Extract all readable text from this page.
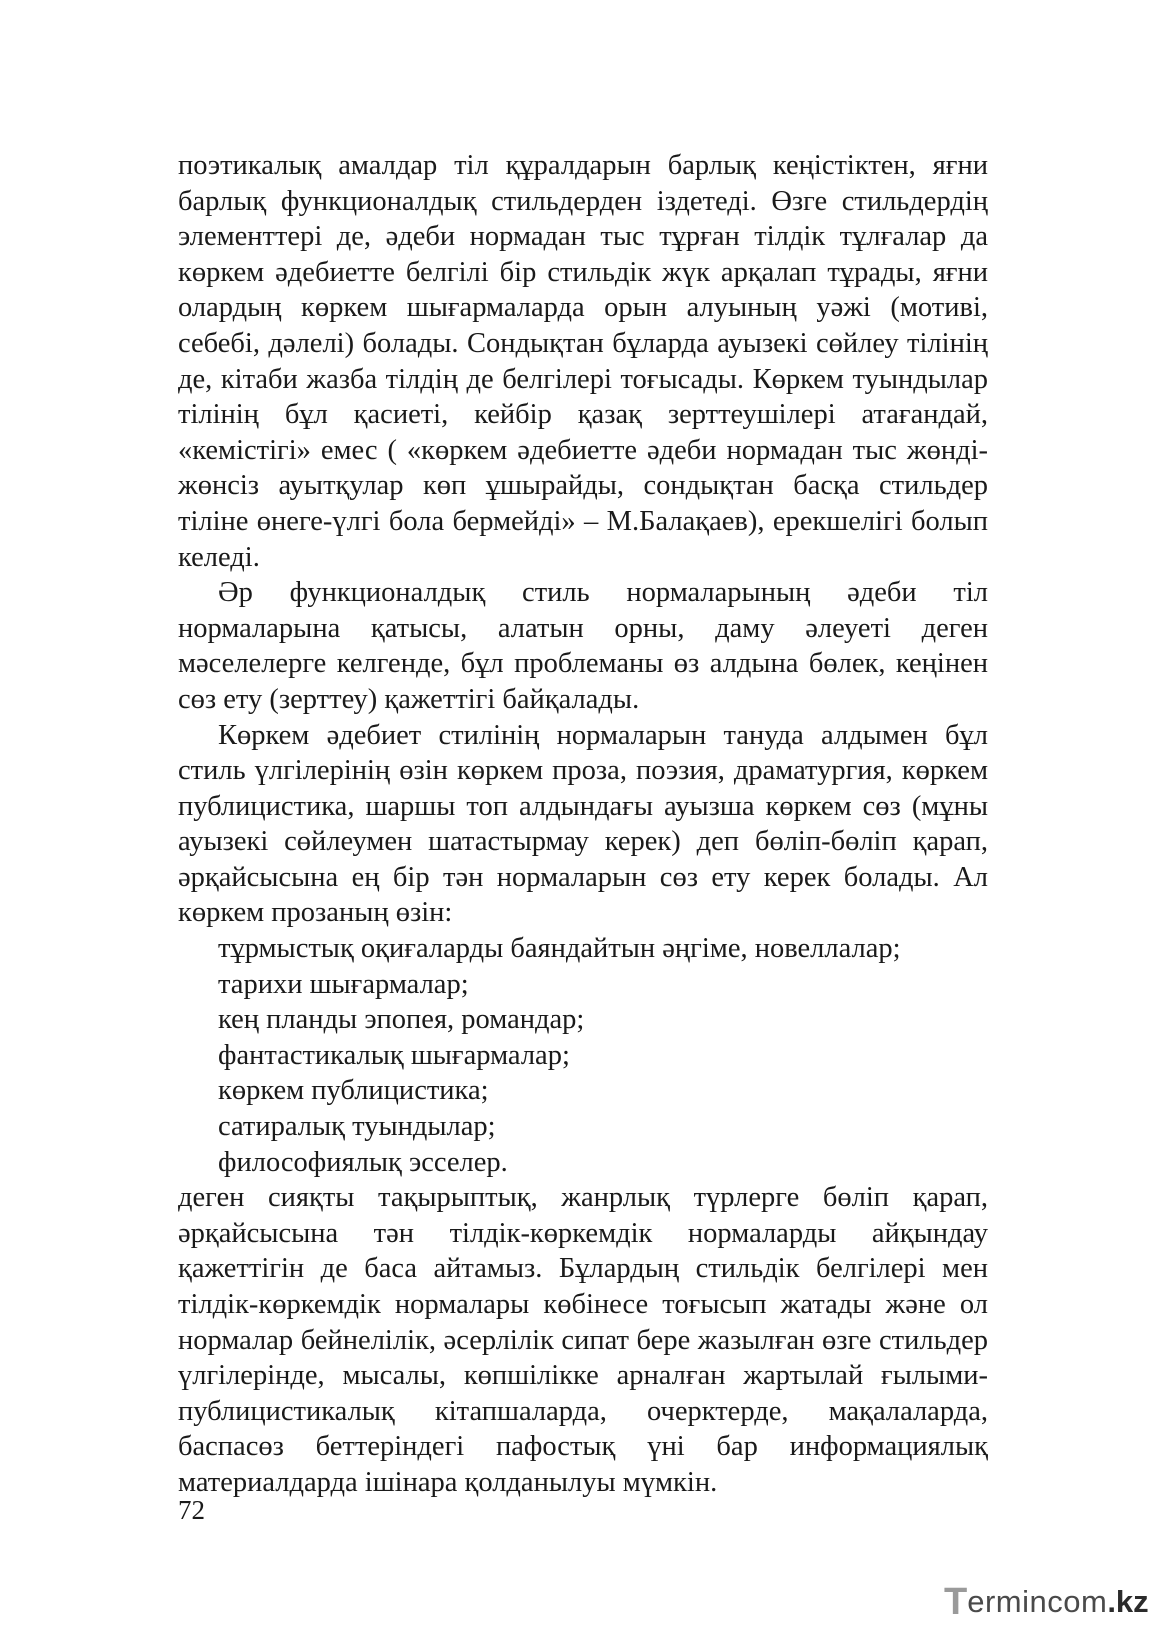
поэтикалық амалдар тіл құралдарын барлық кеңістіктен, яғни барлық функционалдық стильдерден іздетеді. Өзге стильдердің элементтері де, әдеби нормадан тыс тұрған тілдік тұлғалар да көркем әдебиетте белгілі бір стильдік жүк арқалап тұрады, яғни олардың көркем шығармаларда орын алуының уәжі (мотиві, себебі, дәлелі) болады. Сондықтан бұларда ауызекі сөйлеу тілінің де, кітаби жазба тілдің де белгілері тоғысады. Көркем туындылар тілінің бұл қасиеті, кейбір қазақ зерттеушілері атағандай, «кемістігі» емес ( «көркем әдебиетте әдеби нормадан тыс жөнді-жөнсіз ауытқулар көп ұшырайды, сондықтан басқа стильдер тіліне өнеге-үлгі бола бермейді» – М.Балақаев), ерекшелігі болып келеді.

Әр функционалдық стиль нормаларының әдеби тіл нормаларына қатысы, алатын орны, даму әлеуеті деген мәселелерге келгенде, бұл проблеманы өз алдына бөлек, кеңінен сөз ету (зерттеу) қажеттігі байқалады.

Көркем әдебиет стилінің нормаларын тануда алдымен бұл стиль үлгілерінің өзін көркем проза, поэзия, драматургия, көркем публицистика, шаршы топ алдындағы ауызша көркем сөз (мұны ауызекі сөйлеумен шатастырмау керек) деп бөліп-бөліп қарап, әрқайсысына ең бір тән нормаларын сөз ету керек болады. Ал көркем прозаның өзін:

тұрмыстық оқиғаларды баяндайтын әңгіме, новеллалар;
тарихи шығармалар;
кең планды эпопея, романдар;
фантастикалық шығармалар;
көркем публицистика;
сатиралық туындылар;
философиялық эсселер.

деген сияқты тақырыптық, жанрлық түрлерге бөліп қарап, әрқайсысына тән тілдік-көркемдік нормаларды айқындау қажеттігін де баса айтамыз. Бұлардың стильдік белгілері мен тілдік-көркемдік нормалары көбінесе тоғысып жатады және ол нормалар бейнелілік, әсерлілік сипат бере жазылған өзге стильдер үлгілерінде, мысалы, көпшілікке арналған жартылай ғылыми-публицистикалық кітапшаларда, очерктерде, мақалаларда, баспасөз беттеріндегі пафостық үні бар информациялық материалдарда ішінара қолданылуы мүмкін.

72
T ermincom .kz
